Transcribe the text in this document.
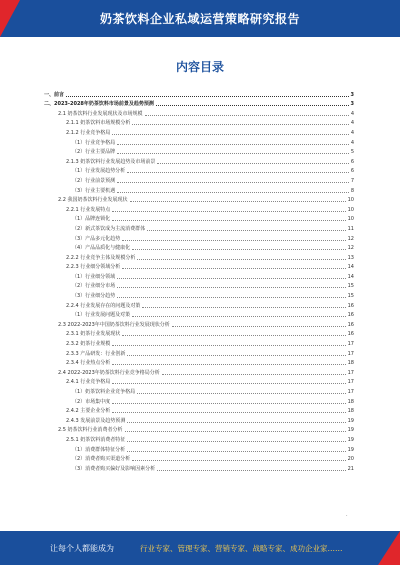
奶茶饮料企业私域运营策略研究报告
内容目录
一、前言	3
二、2023-2028年奶茶饮料市场前景及趋势预测	3
2.1 奶茶饮料行业发展现状及市场规模	4
2.1.1 奶茶饮料市场规模分析	4
2.1.2 行业竞争格局	4
（1）行业竞争格局	4
（2）行业主要品牌	5
2.1.3 奶茶饮料行业发展趋势及市场前景	6
（1）行业发展趋势分析	6
（2）行业前景预测	7
（3）行业主要机遇	8
2.2 我国奶茶饮料行业发展现状	10
2.2.1 行业发展特点	10
（1）品牌连锁化	10
（2）新式茶饮成为主流消费群体	11
（3）产品多元化趋势	12
（4）产品品质化与健康化	12
2.2.2 行业竞争主体及规模分析	13
2.2.3 行业细分领域分析	14
（1）行业细分领域	14
（2）行业细分市场	15
（3）行业细分趋势	15
2.2.4 行业发展存在的问题及对策	16
（1）行业发展问题及对策	16
2.3 2022-2023年中国奶茶饮料行业发展现状分析	16
2.3.1 奶茶行业发展现状	16
2.3.2 奶茶行业规模	17
2.3.3 产品研发：行业创新	17
2.3.4 行业热点分析	18
2.4 2022-2023年奶茶饮料行业竞争格局分析	17
2.4.1 行业竞争格局	17
（1）奶茶饮料企业竞争格局	17
（2）市场集中度	18
2.4.2 主要企业分析	18
2.4.3 发展前景及趋势预测	19
2.5 奶茶饮料行业消费者分析	19
2.5.1 奶茶饮料消费者特征	19
（1）消费群体特征分析	19
（2）消费者购买渠道分析	20
（3）消费者购买偏好及影响因素分析	21
·
让每个人都能成为	行业专家、管理专家、营销专家、战略专家、成功企业家……
